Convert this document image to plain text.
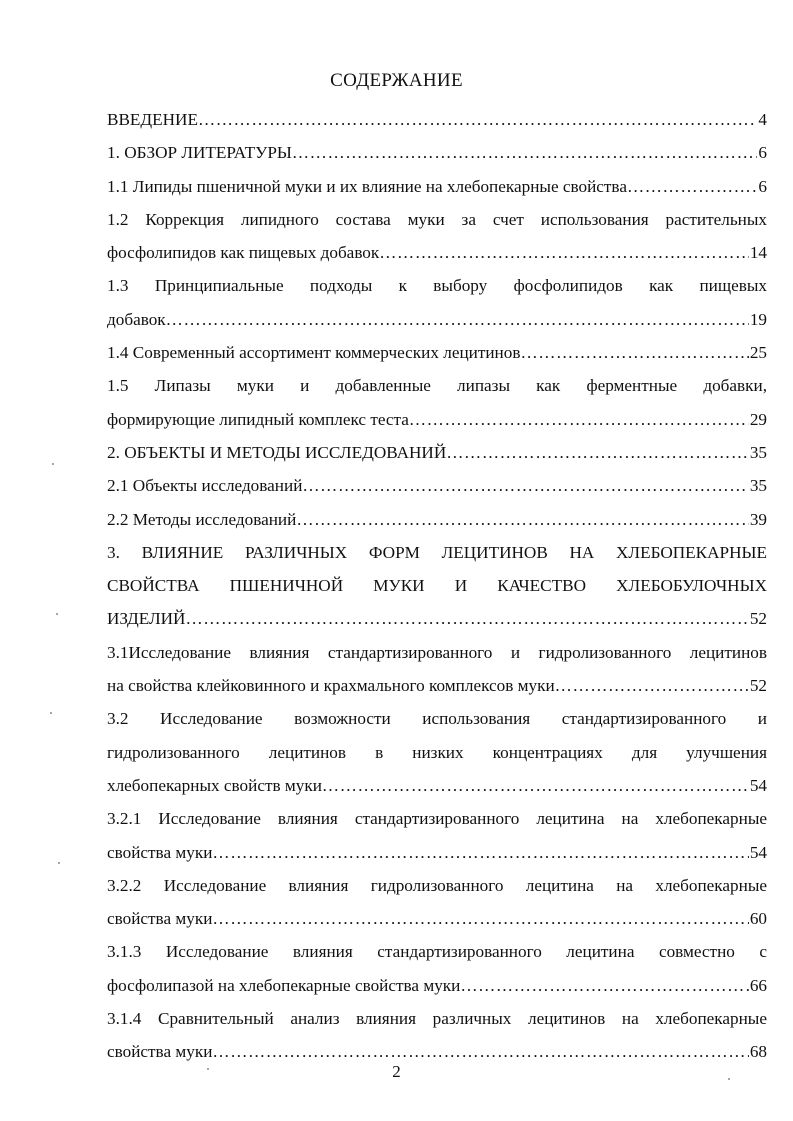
СОДЕРЖАНИЕ
ВВЕДЕНИЕ ……………………………………………………………………………………………………………………………………………………………………………………………………	4
1. ОБЗОР ЛИТЕРАТУРЫ ……………………………………………………………………………………………………………………………………………………………………………………………………	6
1.1 Липиды пшеничной муки и их влияние на хлебопекарные свойства ……………………………………………………………………………………………………………………………………………………………………………………………………	6
1.2 Коррекция липидного состава муки за счет использования растительных
фосфолипидов как пищевых добавок ……………………………………………………………………………………………………………………………………………………………………………………………………	14
1.3 Принципиальные подходы к выбору фосфолипидов как пищевых
добавок ……………………………………………………………………………………………………………………………………………………………………………………………………	19
1.4 Современный ассортимент коммерческих лецитинов ……………………………………………………………………………………………………………………………………………………………………………………………………	25
1.5 Липазы муки и добавленные липазы как ферментные добавки,
формирующие липидный комплекс теста ……………………………………………………………………………………………………………………………………………………………………………………………………	29
2. ОБЪЕКТЫ И МЕТОДЫ ИССЛЕДОВАНИЙ ……………………………………………………………………………………………………………………………………………………………………………………………………	35
2.1 Объекты исследований ……………………………………………………………………………………………………………………………………………………………………………………………………	35
2.2 Методы исследований ……………………………………………………………………………………………………………………………………………………………………………………………………	39
3. ВЛИЯНИЕ РАЗЛИЧНЫХ ФОРМ ЛЕЦИТИНОВ НА ХЛЕБОПЕКАРНЫЕ
СВОЙСТВА ПШЕНИЧНОЙ МУКИ И КАЧЕСТВО ХЛЕБОБУЛОЧНЫХ
ИЗДЕЛИЙ ……………………………………………………………………………………………………………………………………………………………………………………………………	52
3.1Исследование влияния стандартизированного и гидролизованного лецитинов
на свойства клейковинного и крахмального комплексов муки ……………………………………………………………………………………………………………………………………………………………………………………………………	52
3.2 Исследование возможности использования стандартизированного и
гидролизованного лецитинов в низких концентрациях для улучшения
хлебопекарных свойств муки ……………………………………………………………………………………………………………………………………………………………………………………………………	54
3.2.1 Исследование влияния стандартизированного лецитина на хлебопекарные
свойства муки ……………………………………………………………………………………………………………………………………………………………………………………………………	54
3.2.2 Исследование влияния гидролизованного лецитина на хлебопекарные
свойства муки ……………………………………………………………………………………………………………………………………………………………………………………………………	60
3.1.3 Исследование влияния стандартизированного лецитина совместно с
фосфолипазой на хлебопекарные свойства муки ……………………………………………………………………………………………………………………………………………………………………………………………………	66
3.1.4 Сравнительный анализ влияния различных лецитинов на хлебопекарные
свойства муки ……………………………………………………………………………………………………………………………………………………………………………………………………	68
2
